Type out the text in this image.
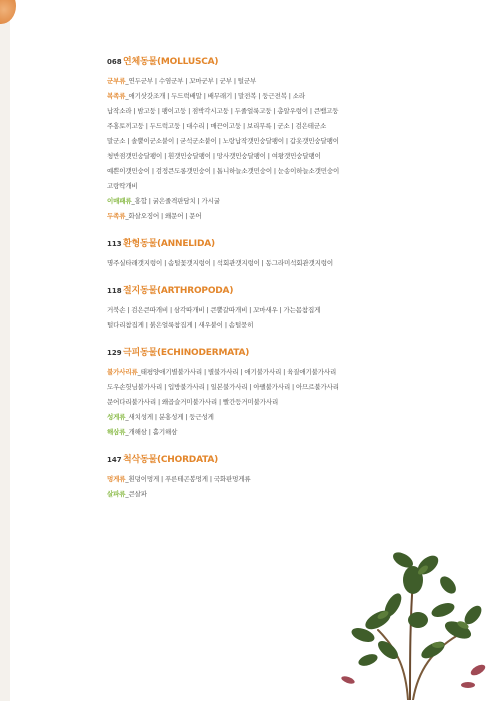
068 연체동물(MOLLUSCA)
군부류_연두군부 | 수염군부 | 꼬마군부 | 군부 | 털군부
복족류_애기삿갓조개 | 두드럭배말 | 배무래기 | 말전복 | 둥근전복 | 소라
납작소라 | 밤고둥 | 팽이고둥 | 점박각시고둥 | 두줄얼룩고둥 | 총알우렁이 | 큰뱀고둥
주홍토끼고둥 | 두드럭고둥 | 대수리 | 매끈이고둥 | 보리무륵 | 군소 | 검은테군소
말군소 | 솔뿔이군소붙이 | 굳석군소붙이 | 노랑납작갯민숭달팽이 | 갑옷갯민숭달팽이
청반점갯민숭달팽이 | 흰갯민숭달팽이 | 망사갯민숭달팽이 | 여왕갯민숭달팽이
예쁜이갯민숭이 | 검정큰도롱갯민숭이 | 톱니하늘소갯민숭이 | 눈송이하늘소갯민숭이
고랑딱개비
이매패류_홍합 | 굵은줄격판담치 | 가시굴
두족류_화살오징어 | 왜문어 | 문어
113 환형동물(ANNELIDA)
명주실타래갯지렁이 | 솜털꽃갯지렁이 | 석회관갯지렁이 | 동그라미석회관갯지렁이
118 절지동물(ARTHROPODA)
거북손 | 검은큰따개비 | 삼각따개비 | 큰뿔갈따개비 | 꼬마새우 | 가는몸참집게
털다리참집게 | 붉은얼룩참집게 | 새우붙이 | 솜털묻히
129 극피동물(ECHINODERMATA)
불가사리류_태평양애기별불가사리 | 별불가사리 | 애기불가사리 | 육질애기불가사리
도우손헛님불가사리 | 입방불가사리 | 일본불가사리 | 아팰불가사리 | 아므르불가사리
문어다리불가사리 | 왜곱슬거미불가사리 | 빨간등거미불가사리
성게류_새치성게 | 분홍성게 | 둥근성게
해삼류_개해삼 | 홀기해삼
147 척삭동물(CHORDATA)
멍게류_흰덩이멍게 | 푸른테곤봉멍게 | 국화판멍게류
살파류_큰살파
